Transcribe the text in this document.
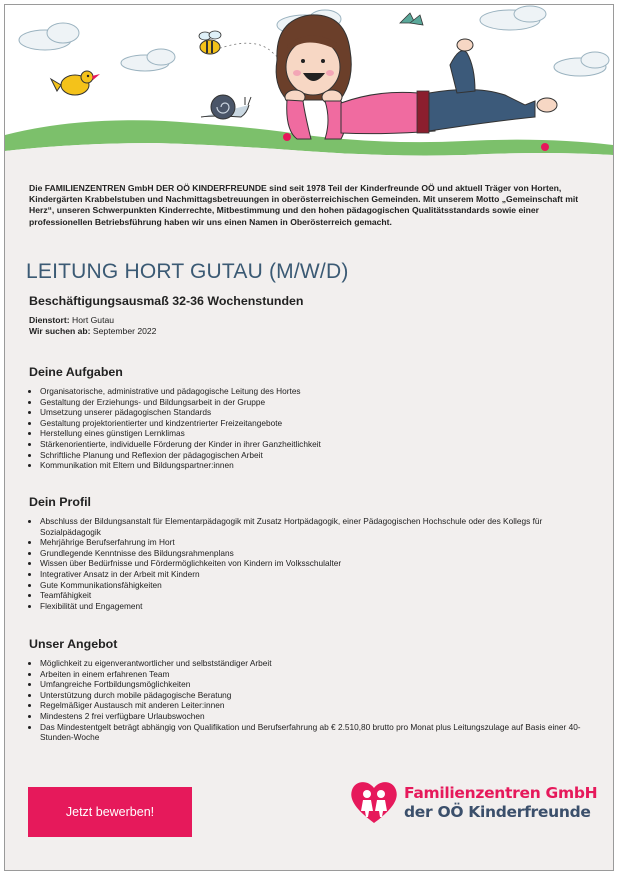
Die FAMILIENZENTREN GmbH DER OÖ KINDERFREUNDE sind seit 1978 Teil der Kinderfreunde OÖ und aktuell Träger von Horten, Kindergärten Krabbelstuben und Nachmittagsbetreuungen in oberösterreichischen Gemeinden. Mit unserem Motto „Gemeinschaft mit Herz“, unseren Schwerpunkten Kinderrechte, Mitbestimmung und den hohen pädagogischen Qualitätsstandards sowie einer professionellen Betriebsführung haben wir uns einen Namen in Oberösterreich gemacht.
LEITUNG HORT GUTAU (M/W/D)
Beschäftigungsausmaß 32-36 Wochenstunden
Dienstort: Hort Gutau
Wir suchen ab: September 2022
Deine Aufgaben
• Organisatorische, administrative und pädagogische Leitung des Hortes
• Gestaltung der Erziehungs- und Bildungsarbeit in der Gruppe
• Umsetzung unserer pädagogischen Standards
• Gestaltung projektorientierter und kindzentrierter Freizeitangebote
• Herstellung eines günstigen Lernklimas
• Stärkenorientierte, individuelle Förderung der Kinder in ihrer Ganzheitlichkeit
• Schriftliche Planung und Reflexion der pädagogischen Arbeit
• Kommunikation mit Eltern und Bildungspartner:innen
Dein Profil
• Abschluss der Bildungsanstalt für Elementarpädagogik mit Zusatz Hortpädagogik, einer Pädagogischen Hochschule oder des Kollegs für Sozialpädagogik
• Mehrjährige Berufserfahrung im Hort
• Grundlegende Kenntnisse des Bildungsrahmenplans
• Wissen über Bedürfnisse und Fördermöglichkeiten von Kindern im Volksschulalter
• Integrativer Ansatz in der Arbeit mit Kindern
• Gute Kommunikationsfähigkeiten
• Teamfähigkeit
• Flexibilität und Engagement
Unser Angebot
• Möglichkeit zu eigenverantwortlicher und selbstständiger Arbeit
• Arbeiten in einem erfahrenen Team
• Umfangreiche Fortbildungsmöglichkeiten
• Unterstützung durch mobile pädagogische Beratung
• Regelmäßiger Austausch mit anderen Leiter:innen
• Mindestens 2 frei verfügbare Urlaubswochen
• Das Mindestentgelt beträgt abhängig von Qualifikation und Berufserfahrung ab € 2.510,80 brutto pro Monat plus Leitungszulage auf Basis einer 40-Stunden-Woche
Jetzt bewerben!
Familienzentren GmbH
der OÖ Kinderfreunde
